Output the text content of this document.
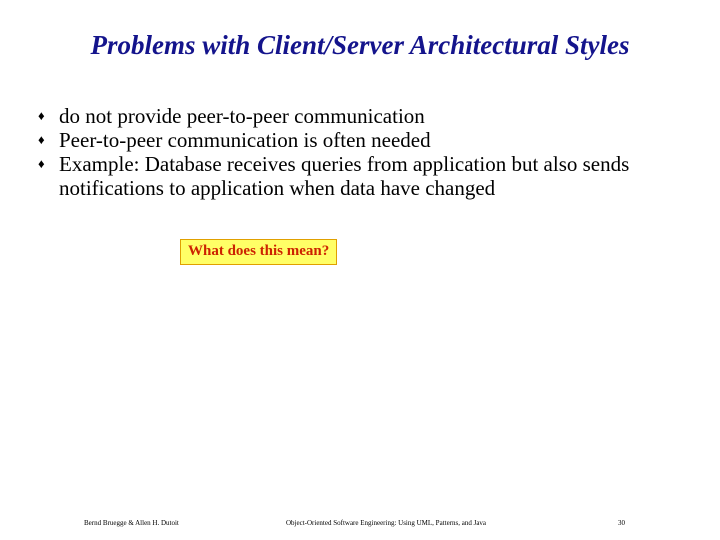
Problems with Client/Server Architectural Styles
♦ do not provide peer-to-peer communication
♦ Peer-to-peer communication is often needed
♦ Example: Database receives queries from application but also sends notifications to application when data have changed
What does this mean?
Bernd Bruegge & Allen H. Dutoit	Object-Oriented Software Engineering: Using UML, Patterns, and Java	30
